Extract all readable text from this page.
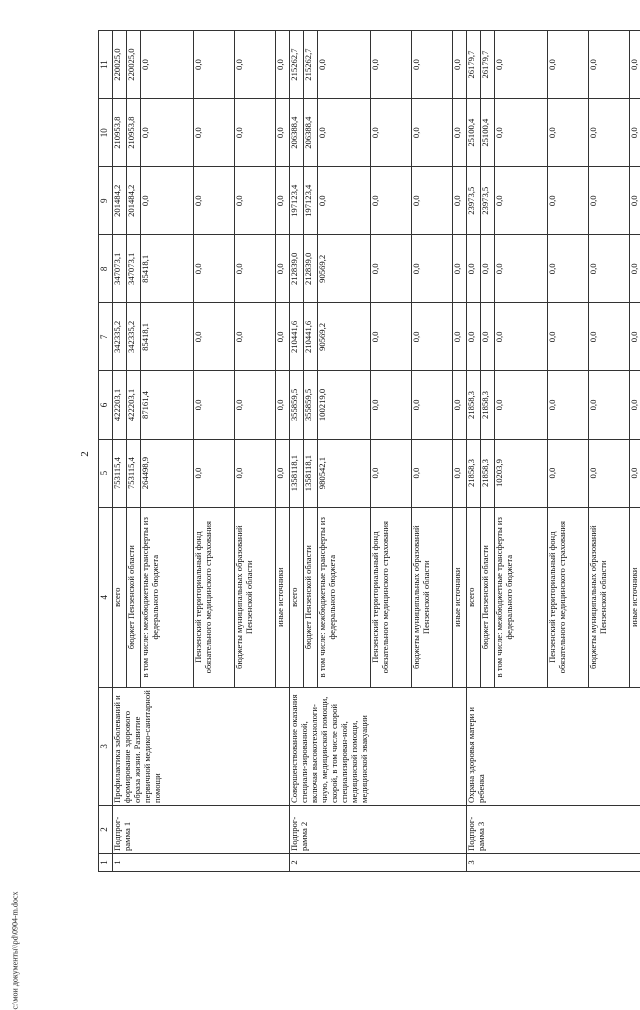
2
с:\мои документы\\pd\0904-m.docx
1	2	3	4	5	6	7	8	9	10	11
1	Подпрог-рамма 1	Профилактика заболеваний и формирование здорового образа жизни. Развитие первичной медико-санитарной помощи	всего	753115,4	422203,1	342335,2	347073,1	201484,2	210953,8	220025,0
			бюджет Пензенской области	753115,4	422203,1	342335,2	347073,1	201484,2	210953,8	220025,0
			в том числе: межбюджетные трансферты из федерального бюджета	264498,9	87161,4	85418,1	85418,1	0,0	0,0	0,0
			Пензенский территориальный фонд обязательного медицинского страхования	0,0	0,0	0,0	0,0	0,0	0,0	0,0
			бюджеты муниципальных образований Пензенской области	0,0	0,0	0,0	0,0	0,0	0,0	0,0
			иные источники	0,0	0,0	0,0	0,0	0,0	0,0	0,0
2	Подпрог-рамма 2	Совершенствование оказания специали-зированной, включая высокотехнологи-чную, медицинской помощи, скорой, в том числе скорой специализирован-ной, медицинской помощи, медицинской эвакуации	всего	1358118,1	355859,5	210441,6	212839,0	197123,4	206388,4	215262,7
			бюджет Пензенской области	1358118,1	355859,5	210441,6	212839,0	197123,4	206388,4	215262,7
			в том числе: межбюджетные трансферты из федерального бюджета	980542,1	100219,0	90569,2	90569,2	0,0	0,0	0,0
			Пензенский территориальный фонд обязательного медицинского страхования	0,0	0,0	0,0	0,0	0,0	0,0	0,0
			бюджеты муниципальных образований Пензенской области	0,0	0,0	0,0	0,0	0,0	0,0	0,0
			иные источники	0,0	0,0	0,0	0,0	0,0	0,0	0,0
3	Подпрог-рамма 3	Охрана здоровья матери и ребенка	всего	21858,3	21858,3	0,0	0,0	23973,5	25100,4	26179,7
			бюджет Пензенской области	21858,3	21858,3	0,0	0,0	23973,5	25100,4	26179,7
			в том числе: межбюджетные трансферты из федерального бюджета	10203,9	0,0	0,0	0,0	0,0	0,0	0,0
			Пензенский территориальный фонд обязательного медицинского страхования	0,0	0,0	0,0	0,0	0,0	0,0	0,0
			бюджеты муниципальных образований Пензенской области	0,0	0,0	0,0	0,0	0,0	0,0	0,0
			иные источники	0,0	0,0	0,0	0,0	0,0	0,0	0,0
